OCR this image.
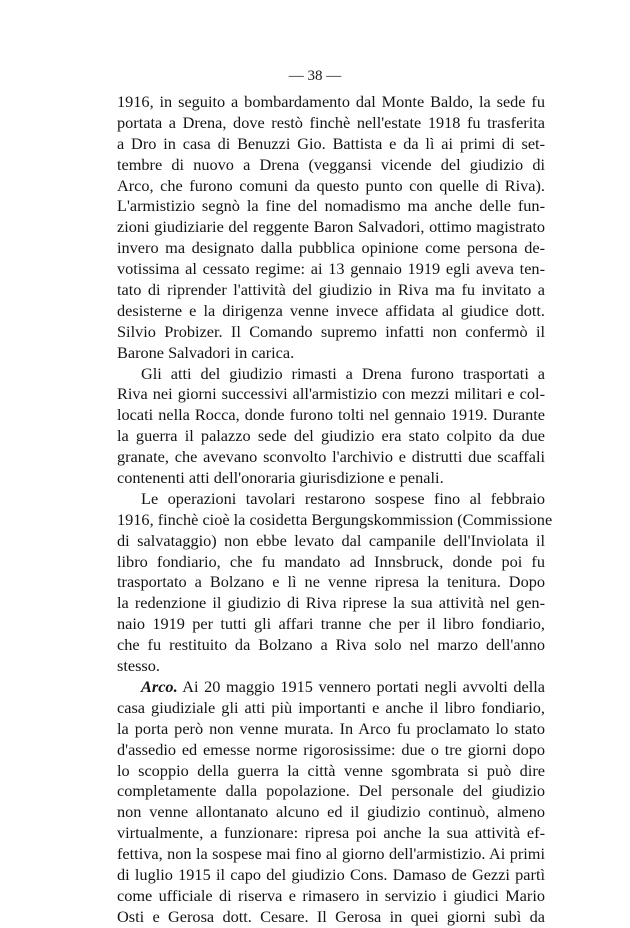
— 38 —
1916, in seguito a bombardamento dal Monte Baldo, la sede fu
portata a Drena, dove restò finchè nell'estate 1918 fu trasferita
a Dro in casa di Benuzzi Gio. Battista e da lì ai primi di set-
tembre di nuovo a Drena (veggansi vicende del giudizio di
Arco, che furono comuni da questo punto con quelle di Riva).
L'armistizio segnò la fine del nomadismo ma anche delle fun-
zioni giudiziarie del reggente Baron Salvadori, ottimo magistrato
invero ma designato dalla pubblica opinione come persona de-
votissima al cessato regime: ai 13 gennaio 1919 egli aveva ten-
tato di riprender l'attività del giudizio in Riva ma fu invitato a
desisterne e la dirigenza venne invece affidata al giudice dott.
Silvio Probizer. Il Comando supremo infatti non confermò il
Barone Salvadori in carica.
Gli atti del giudizio rimasti a Drena furono trasportati a
Riva nei giorni successivi all'armistizio con mezzi militari e col-
locati nella Rocca, donde furono tolti nel gennaio 1919. Durante
la guerra il palazzo sede del giudizio era stato colpito da due
granate, che avevano sconvolto l'archivio e distrutti due scaffali
contenenti atti dell'onoraria giurisdizione e penali.
Le operazioni tavolari restarono sospese fino al febbraio
1916, finchè cioè la cosidetta Bergungskommission (Commissione
di salvataggio) non ebbe levato dal campanile dell'Inviolata il
libro fondiario, che fu mandato ad Innsbruck, donde poi fu
trasportato a Bolzano e lì ne venne ripresa la tenitura. Dopo
la redenzione il giudizio di Riva riprese la sua attività nel gen-
naio 1919 per tutti gli affari tranne che per il libro fondiario,
che fu restituito da Bolzano a Riva solo nel marzo dell'anno
stesso.
Arco. Ai 20 maggio 1915 vennero portati negli avvolti della
casa giudiziale gli atti più importanti e anche il libro fondiario,
la porta però non venne murata. In Arco fu proclamato lo stato
d'assedio ed emesse norme rigorosissime: due o tre giorni dopo
lo scoppio della guerra la città venne sgombrata si può dire
completamente dalla popolazione. Del personale del giudizio
non venne allontanato alcuno ed il giudizio continuò, almeno
virtualmente, a funzionare: ripresa poi anche la sua attività ef-
fettiva, non la sospese mai fino al giorno dell'armistizio. Ai primi
di luglio 1915 il capo del giudizio Cons. Damaso de Gezzi partì
come ufficiale di riserva e rimasero in servizio i giudici Mario
Osti e Gerosa dott. Cesare. Il Gerosa in quei giorni subì da
